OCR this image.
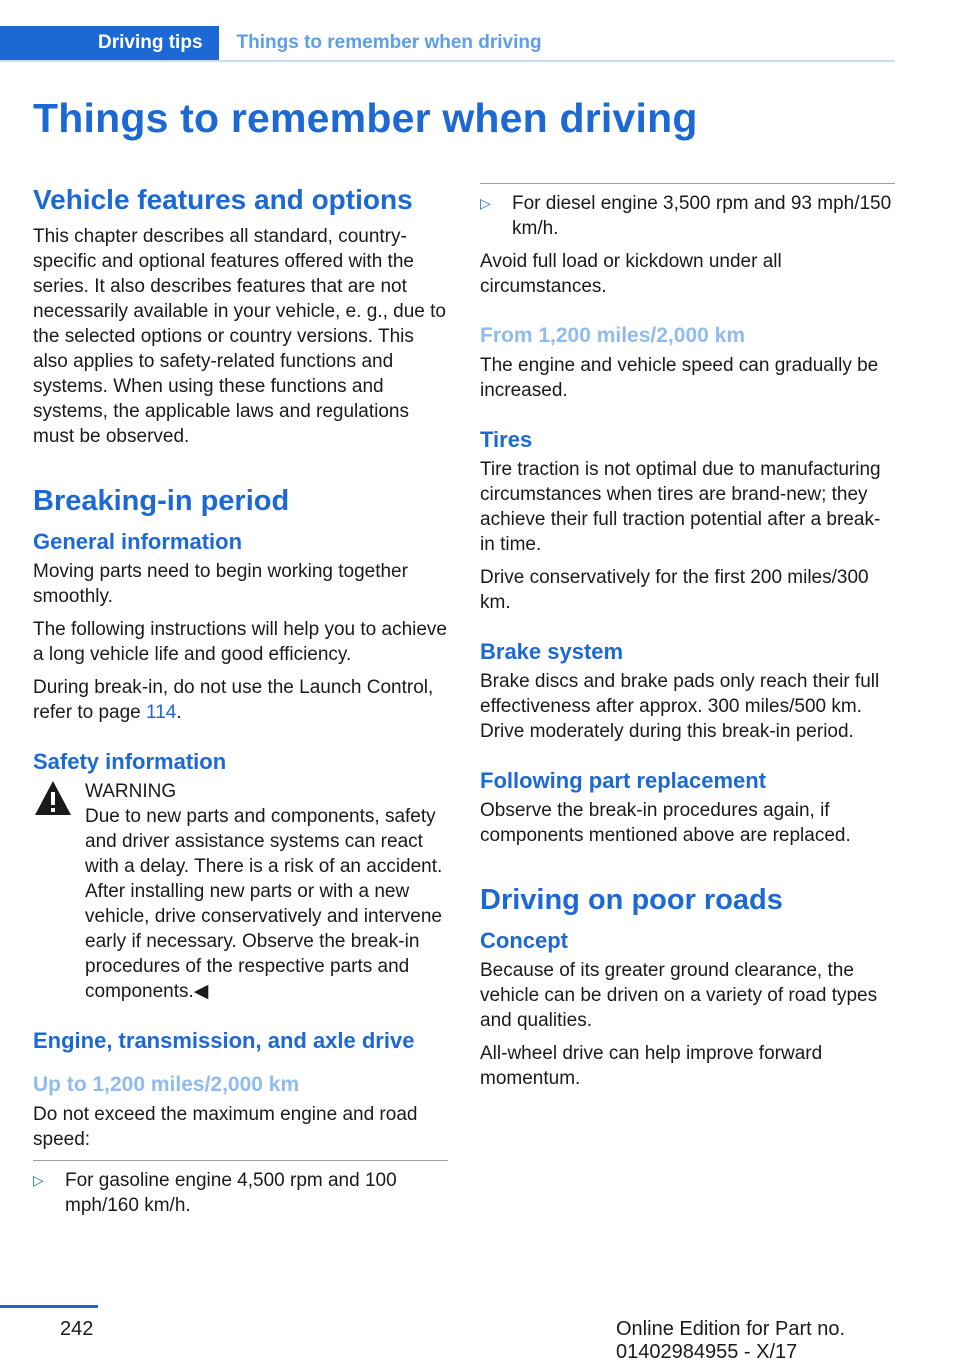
Driving tips	Things to remember when driving
Things to remember when driving
Vehicle features and options

This chapter describes all standard, country-specific and optional features offered with the series. It also describes features that are not necessarily available in your vehicle, e. g., due to the selected options or country versions. This also applies to safety-related functions and systems. When using these functions and systems, the applicable laws and regulations must be observed.

Breaking-in period
General information

Moving parts need to begin working together smoothly.

The following instructions will help you to achieve a long vehicle life and good efficiency.

During break-in, do not use the Launch Control, refer to page 114.

Safety information
WARNING
Due to new parts and components, safety and driver assistance systems can react with a delay. There is a risk of an accident. After installing new parts or with a new vehicle, drive conservatively and intervene early if necessary. Observe the break-in procedures of the respective parts and components.◀
Engine, transmission, and axle drive
Up to 1,200 miles/2,000 km

Do not exceed the maximum engine and road speed:

▷	For gasoline engine 4,500 rpm and 100 mph/160 km/h.
▷	For diesel engine 3,500 rpm and 93 mph/150 km/h.

Avoid full load or kickdown under all circumstances.

From 1,200 miles/2,000 km

The engine and vehicle speed can gradually be increased.

Tires

Tire traction is not optimal due to manufacturing circumstances when tires are brand-new; they achieve their full traction potential after a break-in time.

Drive conservatively for the first 200 miles/300 km.

Brake system

Brake discs and brake pads only reach their full effectiveness after approx. 300 miles/500 km. Drive moderately during this break-in period.

Following part replacement

Observe the break-in procedures again, if components mentioned above are replaced.

Driving on poor roads
Concept

Because of its greater ground clearance, the vehicle can be driven on a variety of road types and qualities.

All-wheel drive can help improve forward momentum.

242	Online Edition for Part no. 01402984955 - X/17
